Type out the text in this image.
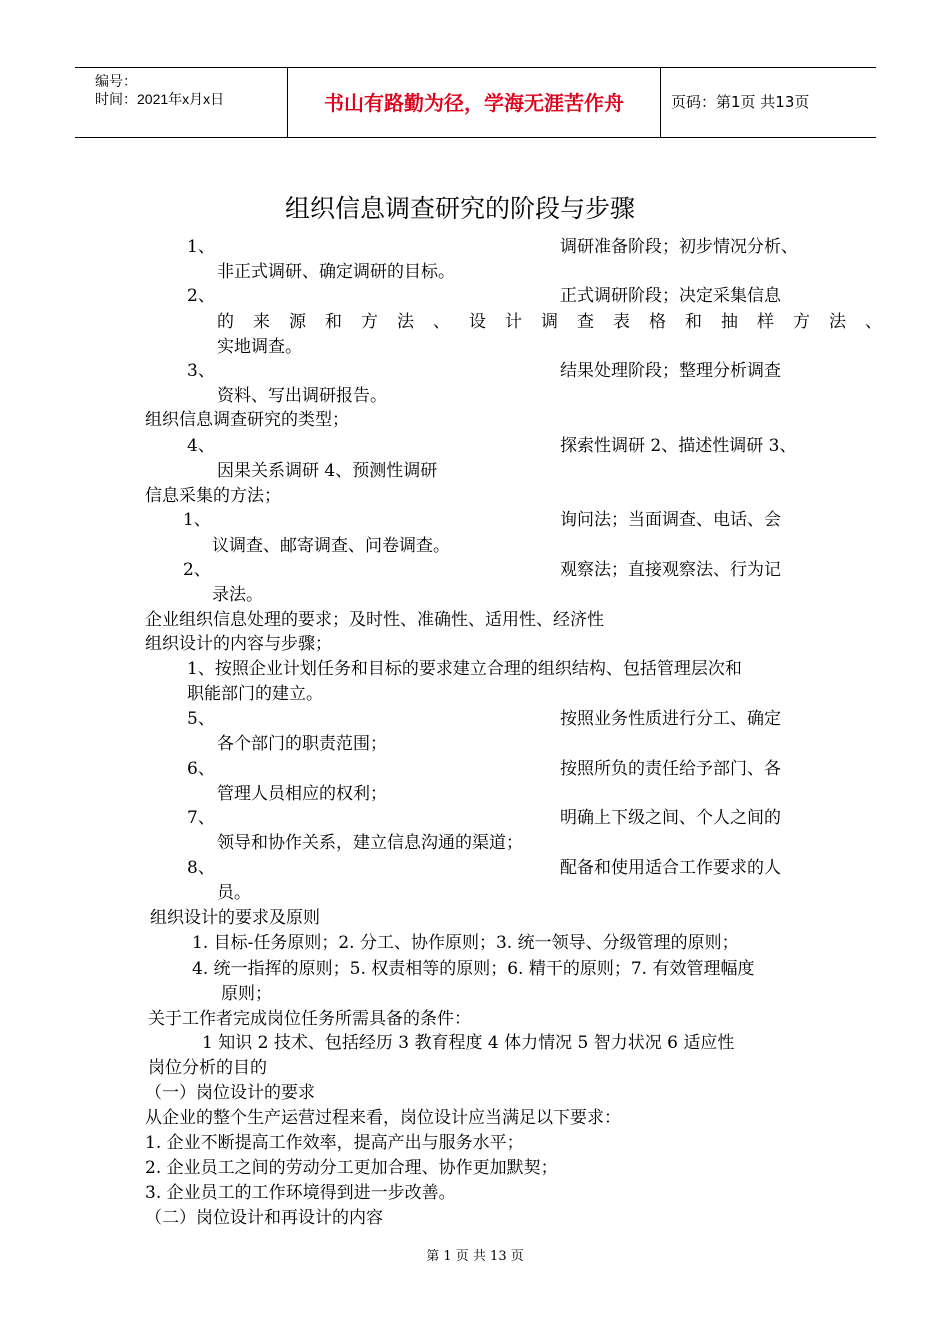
编号：
时间：2021年x月x日	书山有路勤为径，学海无涯苦作舟	页码：第1页 共13页
组织信息调查研究的阶段与步骤
1、	调研准备阶段；初步情况分析、
非正式调研、确定调研的目标。
2、	正式调研阶段；决定采集信息
的来源和方法、设计调查表格和抽样方法、
实地调查。
3、	结果处理阶段；整理分析调查
资料、写出调研报告。
组织信息调查研究的类型；
4、	探索性调研 2、描述性调研 3、
因果关系调研 4、预测性调研
信息采集的方法；
1、	询问法；当面调查、电话、会
议调查、邮寄调查、问卷调查。
2、	观察法；直接观察法、行为记
录法。
企业组织信息处理的要求；及时性、准确性、适用性、经济性
组织设计的内容与步骤；
1、按照企业计划任务和目标的要求建立合理的组织结构、包括管理层次和
职能部门的建立。
5、	按照业务性质进行分工、确定
各个部门的职责范围；
6、	按照所负的责任给予部门、各
管理人员相应的权利；
7、	明确上下级之间、个人之间的
领导和协作关系，建立信息沟通的渠道；
8、	配备和使用适合工作要求的人
员。
组织设计的要求及原则
1. 目标-任务原则；2. 分工、协作原则；3. 统一领导、分级管理的原则；
4. 统一指挥的原则；5. 权责相等的原则；6. 精干的原则；7. 有效管理幅度
原则；
关于工作者完成岗位任务所需具备的条件：
1 知识 2 技术、包括经历 3 教育程度 4 体力情况 5 智力状况 6 适应性
岗位分析的目的
（一）岗位设计的要求
从企业的整个生产运营过程来看，岗位设计应当满足以下要求：
1. 企业不断提高工作效率，提高产出与服务水平；
2. 企业员工之间的劳动分工更加合理、协作更加默契；
3. 企业员工的工作环境得到进一步改善。
（二）岗位设计和再设计的内容
第 1 页 共 13 页
